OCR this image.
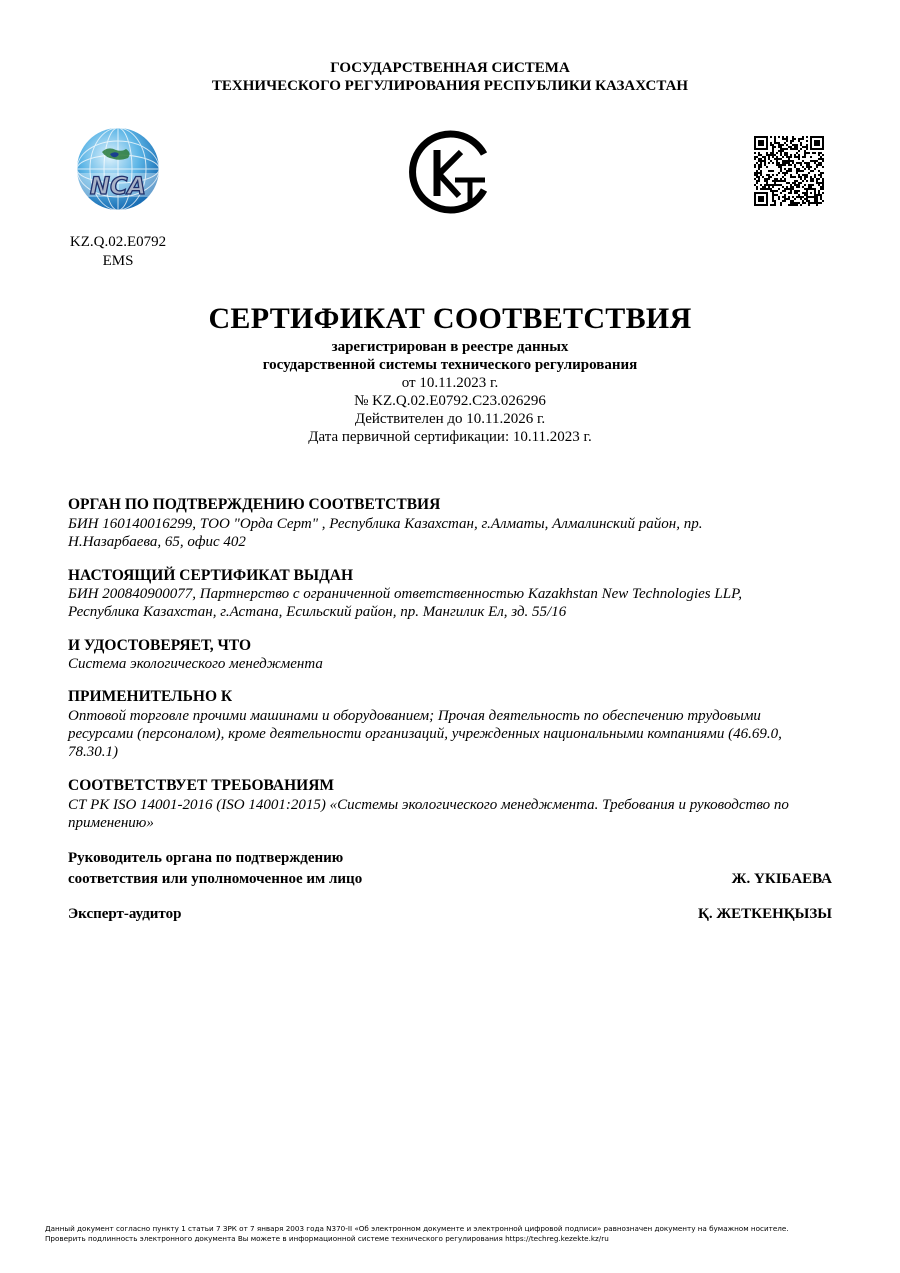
ГОСУДАРСТВЕННАЯ СИСТЕМА
ТЕХНИЧЕСКОГО РЕГУЛИРОВАНИЯ РЕСПУБЛИКИ КАЗАХСТАН
NCA
KZ.Q.02.E0792
EMS
СЕРТИФИКАТ СООТВЕТСТВИЯ
зарегистрирован в реестре данных
государственной системы технического регулирования
от 10.11.2023 г.
№ KZ.Q.02.E0792.C23.026296
Действителен до 10.11.2026 г.
Дата первичной сертификации: 10.11.2023 г.
ОРГАН ПО ПОДТВЕРЖДЕНИЮ СООТВЕТСТВИЯ
БИН 160140016299, ТОО "Орда Серт" , Республика Казахстан, г.Алматы, Алмалинский район, пр.
Н.Назарбаева, 65, офис 402
НАСТОЯЩИЙ СЕРТИФИКАТ ВЫДАН
БИН 200840900077, Партнерство с ограниченной ответственностью Kazakhstan New Technologies LLP,
Республика Казахстан, г.Астана, Есильский район, пр. Мангилик Ел, зд. 55/16
И УДОСТОВЕРЯЕТ, ЧТО
Система экологического менеджмента
ПРИМЕНИТЕЛЬНО К
Оптовой торговле прочими машинами и оборудованием; Прочая деятельность по обеспечению трудовыми
ресурсами (персоналом), кроме деятельности организаций, учрежденных национальными компаниями (46.69.0,
78.30.1)
СООТВЕТСТВУЕТ ТРЕБОВАНИЯМ
СТ РК ISO 14001-2016 (ISO 14001:2015) «Системы экологического менеджмента. Требования и руководство по
применению»
Руководитель органа по подтверждению
соответствия или уполномоченное им лицо	Ж. ҮКІБАЕВА
Эксперт-аудитор	Қ. ЖЕТКЕНҚЫЗЫ
Данный документ согласно пункту 1 статьи 7 ЗРК от 7 января 2003 года N370-II «Об электронном документе и электронной цифровой подписи» равнозначен документу на бумажном носителе.
Проверить подлинность электронного документа Вы можете в информационной системе технического регулирования https://techreg.kezekte.kz/ru
